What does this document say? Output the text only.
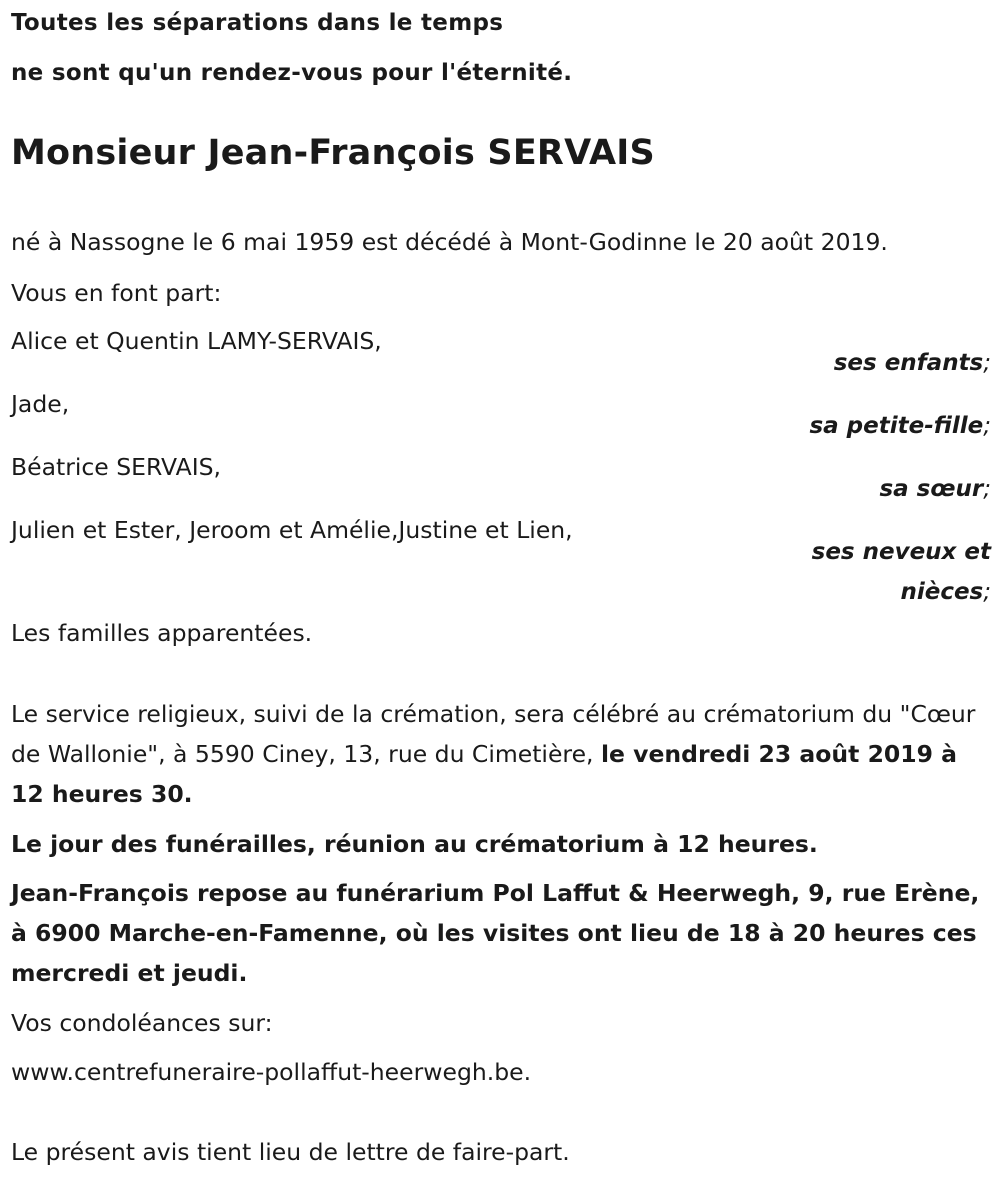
Toutes les séparations dans le temps

ne sont qu'un rendez-vous pour l'éternité.

Monsieur Jean-François SERVAIS
né à Nassogne le 6 mai 1959 est décédé à Mont-Godinne le 20 août 2019.
Vous en font part:
Alice et Quentin LAMY-SERVAIS,
ses enfants;
Jade,
sa petite-fille;
Béatrice SERVAIS,
sa sœur;
Julien et Ester, Jeroom et Amélie,Justine et Lien,
ses neveux et
nièces;
Les familles apparentées.

Le service religieux, suivi de la crémation, sera célébré au crématorium du "Cœur de Wallonie", à 5590 Ciney, 13, rue du Cimetière, le vendredi 23 août 2019 à 12 heures 30.

Le jour des funérailles, réunion au crématorium à 12 heures.

Jean-François repose au funérarium Pol Laffut & Heerwegh, 9, rue Erène, à 6900 Marche-en-Famenne, où les visites ont lieu de 18 à 20 heures ces mercredi et jeudi.

Vos condoléances sur:
www.centrefuneraire-pollaffut-heerwegh.be.
Le présent avis tient lieu de lettre de faire-part.
